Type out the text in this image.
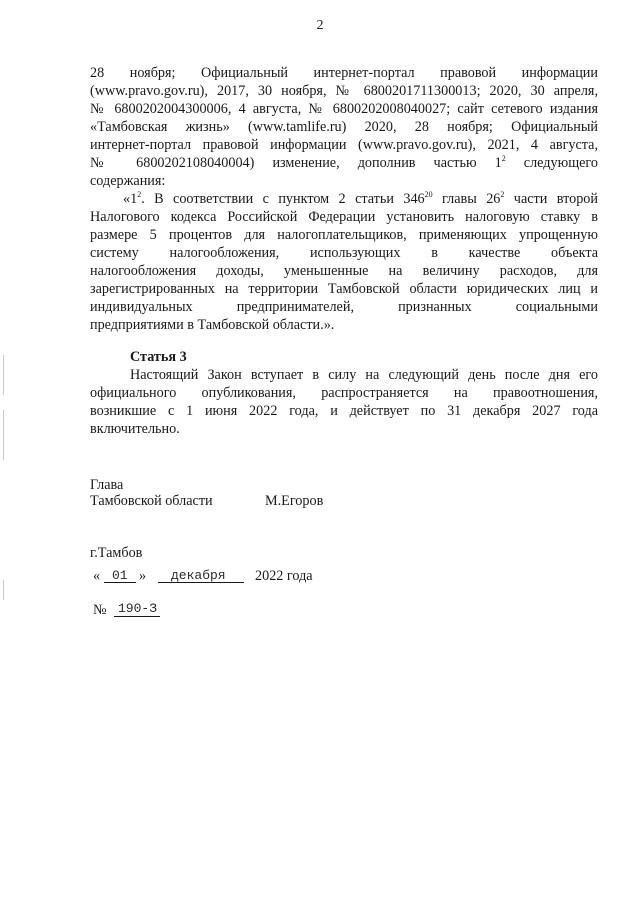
2
28 ноября; Официальный интернет-портал правовой информации
(www.pravo.gov.ru), 2017, 30 ноября, № 6800201711300013; 2020, 30 апреля,
№ 6800202004300006, 4 августа, № 6800202008040027; сайт сетевого издания
«Тамбовская жизнь» (www.tamlife.ru) 2020, 28 ноября; Официальный
интернет-портал правовой информации (www.pravo.gov.ru), 2021, 4 августа,
№ 6800202108040004) изменение, дополнив частью $1^2$ следующего
содержания:
«$1^2$. В соответствии с пунктом 2 статьи $346^{20}$ главы $26^2$ части второй
Налогового кодекса Российской Федерации установить налоговую ставку в
размере 5 процентов для налогоплательщиков, применяющих упрощенную
систему налогообложения, использующих в качестве объекта
налогообложения доходы, уменьшенные на величину расходов, для
зарегистрированных на территории Тамбовской области юридических лиц и
индивидуальных предпринимателей, признанных социальными
предприятиями в Тамбовской области.».
Статья 3
Настоящий Закон вступает в силу на следующий день после дня его
официального опубликования, распространяется на правоотношения,
возникшие с 1 июня 2022 года, и действует по 31 декабря 2027 года
включительно.
Глава
Тамбовской области	М.Егоров
г.Тамбов
« 01 » декабря 2022 года
№ 190-З
